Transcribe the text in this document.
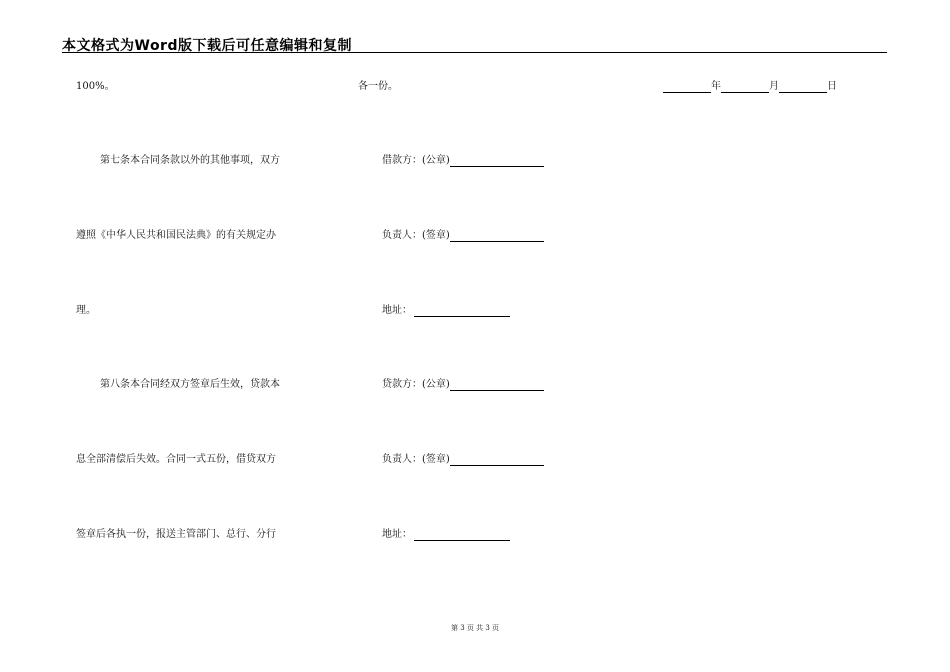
本文格式为Word版下载后可任意编辑和复制
100%。
第七条本合同条款以外的其他事项，双方
遵照《中华人民共和国民法典》的有关规定办
理。
第八条本合同经双方签章后生效，贷款本
息全部清偿后失效。合同一式五份，借贷双方
签章后各执一份，报送主管部门、总行、分行
各一份。
借款方：(公章)
负责人：(签章)
地址：
贷款方：(公章)
负责人：(签章)
地址：
年	月	日
第 3 页 共 3 页
